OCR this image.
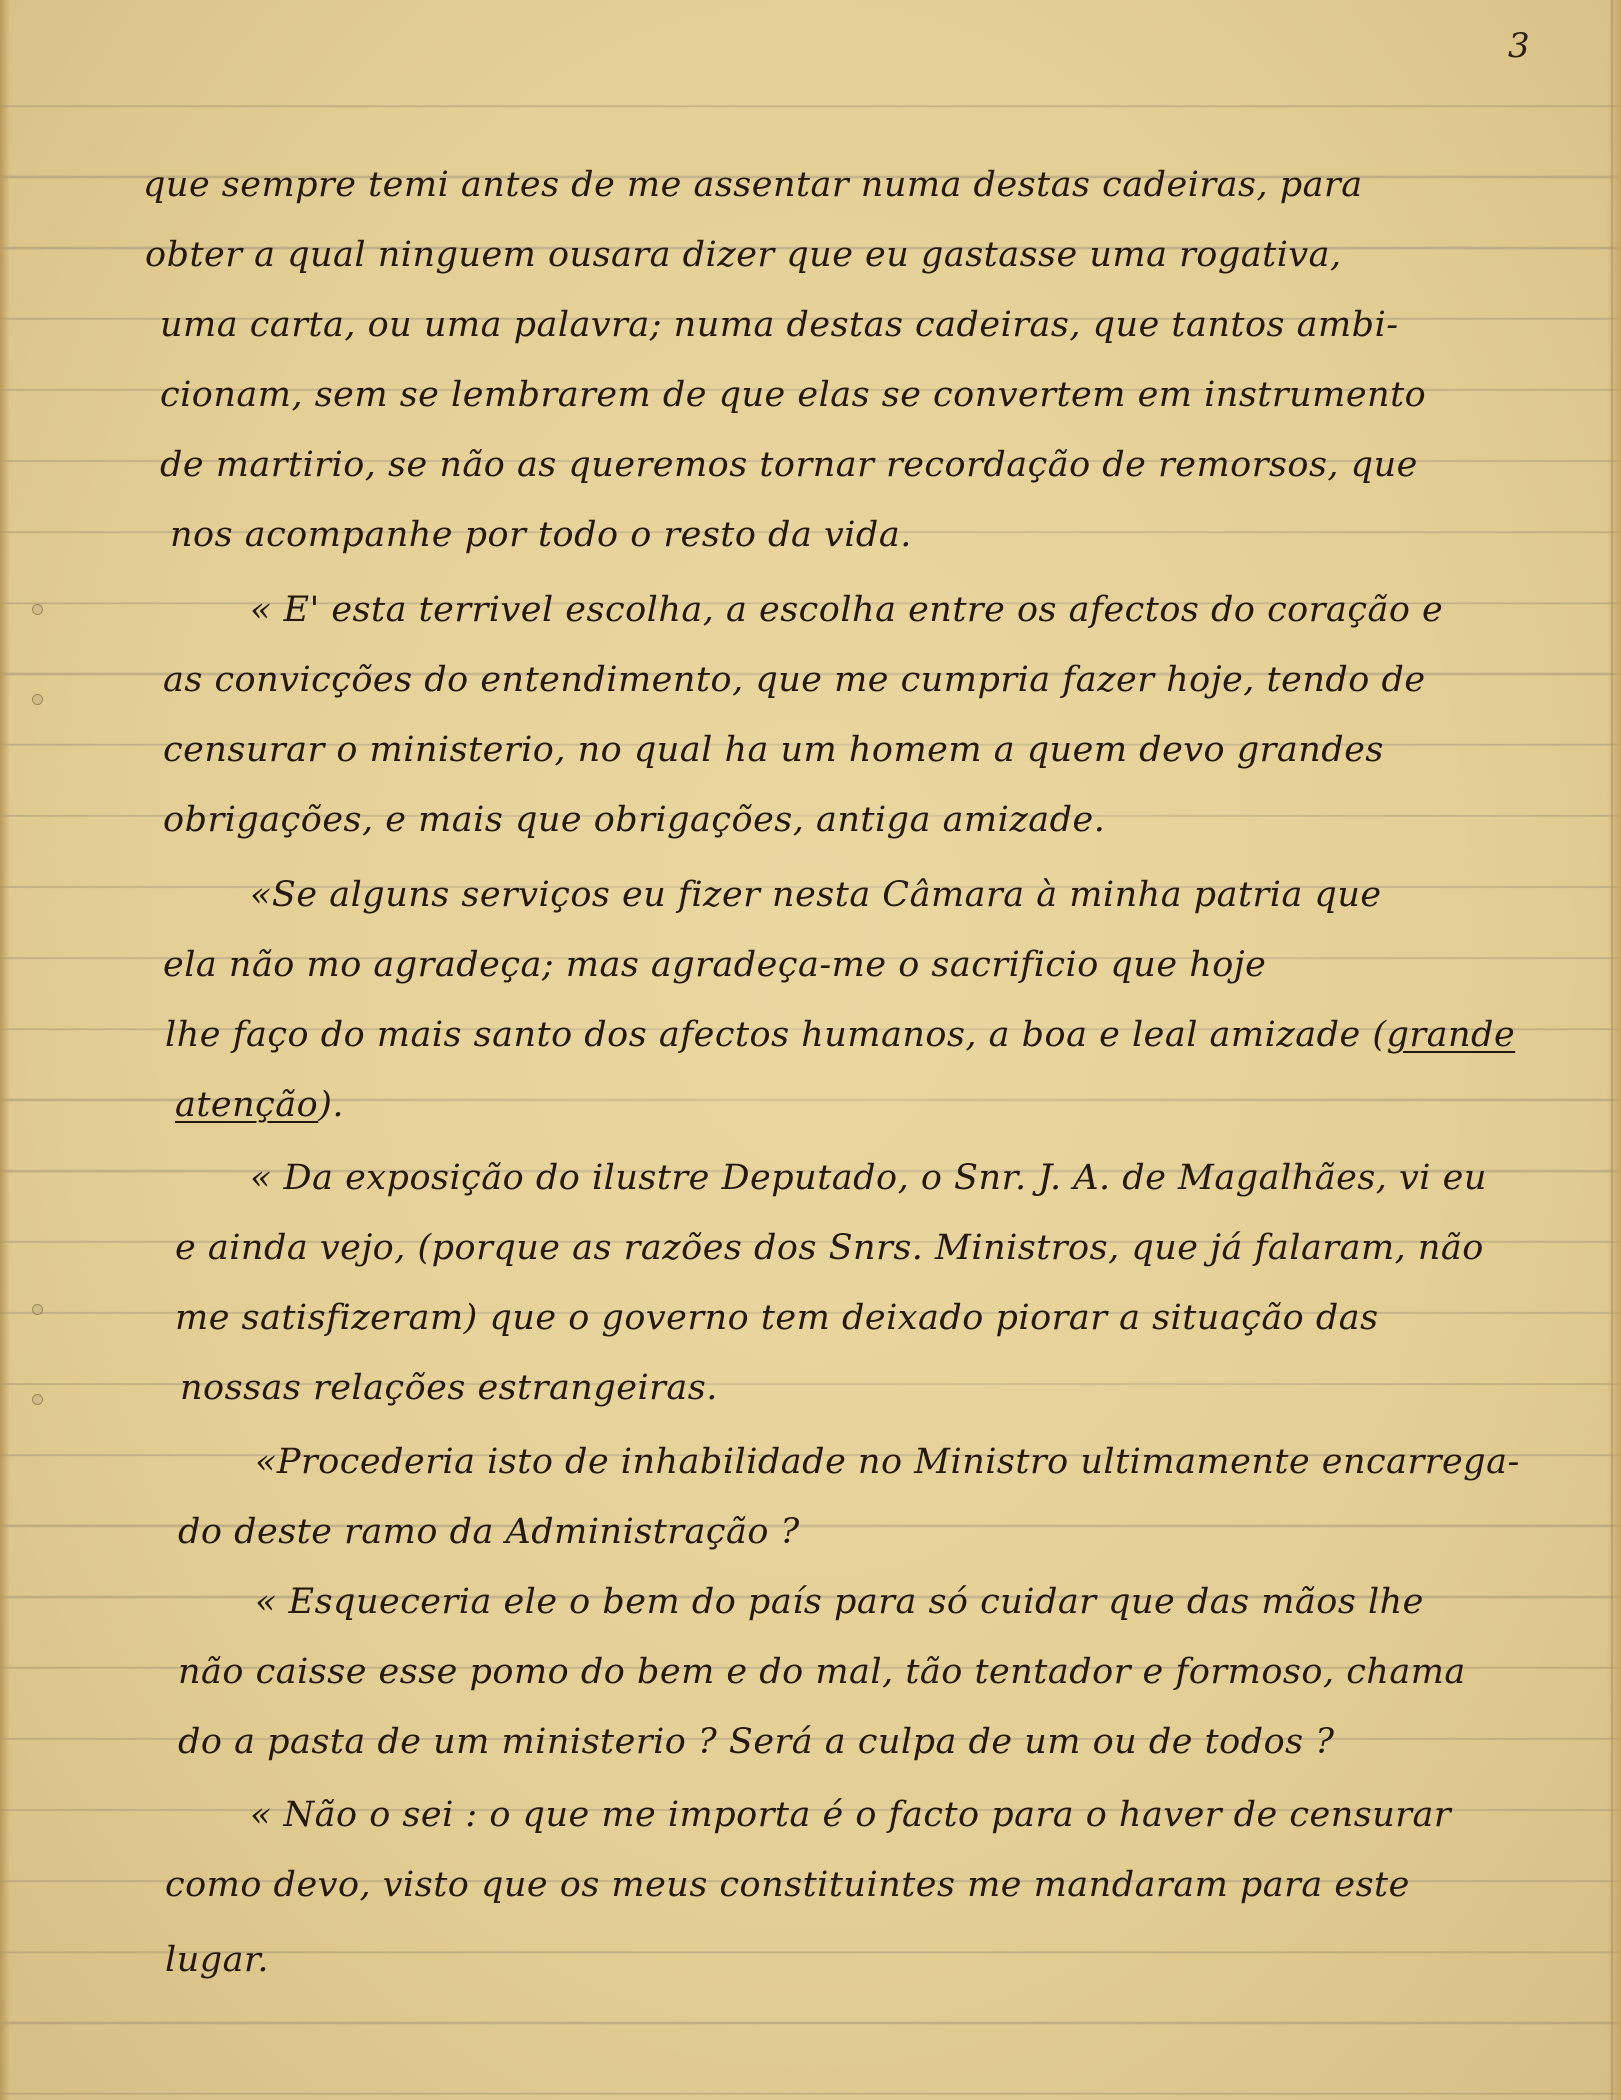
3
que sempre temi antes de me assentar numa destas cadeiras, para
obter a qual ninguem ousara dizer que eu gastasse uma rogativa,
uma carta, ou uma palavra; numa destas cadeiras, que tantos ambi-
cionam, sem se lembrarem de que elas se convertem em instrumento
de martirio, se não as queremos tornar recordação de remorsos, que
nos acompanhe por todo o resto da vida.
« E' esta terrivel escolha, a escolha entre os afectos do coração e
as convicções do entendimento, que me cumpria fazer hoje, tendo de
censurar o ministerio, no qual ha um homem a quem devo grandes
obrigações, e mais que obrigações, antiga amizade.
«Se alguns serviços eu fizer nesta Câmara à minha patria que
ela não mo agradeça; mas agradeça-me o sacrificio que hoje
lhe faço do mais santo dos afectos humanos, a boa e leal amizade (grande
atenção).
« Da exposição do ilustre Deputado, o Snr. J. A. de Magalhães, vi eu
e ainda vejo, (porque as razões dos Snrs. Ministros, que já falaram, não
me satisfizeram) que o governo tem deixado piorar a situação das
nossas relações estrangeiras.
«Procederia isto de inhabilidade no Ministro ultimamente encarrega-
do deste ramo da Administração ?
« Esqueceria ele o bem do país para só cuidar que das mãos lhe
não caisse esse pomo do bem e do mal, tão tentador e formoso, chama
do a pasta de um ministerio ? Será a culpa de um ou de todos ?
« Não o sei : o que me importa é o facto para o haver de censurar
como devo, visto que os meus constituintes me mandaram para este
lugar.
